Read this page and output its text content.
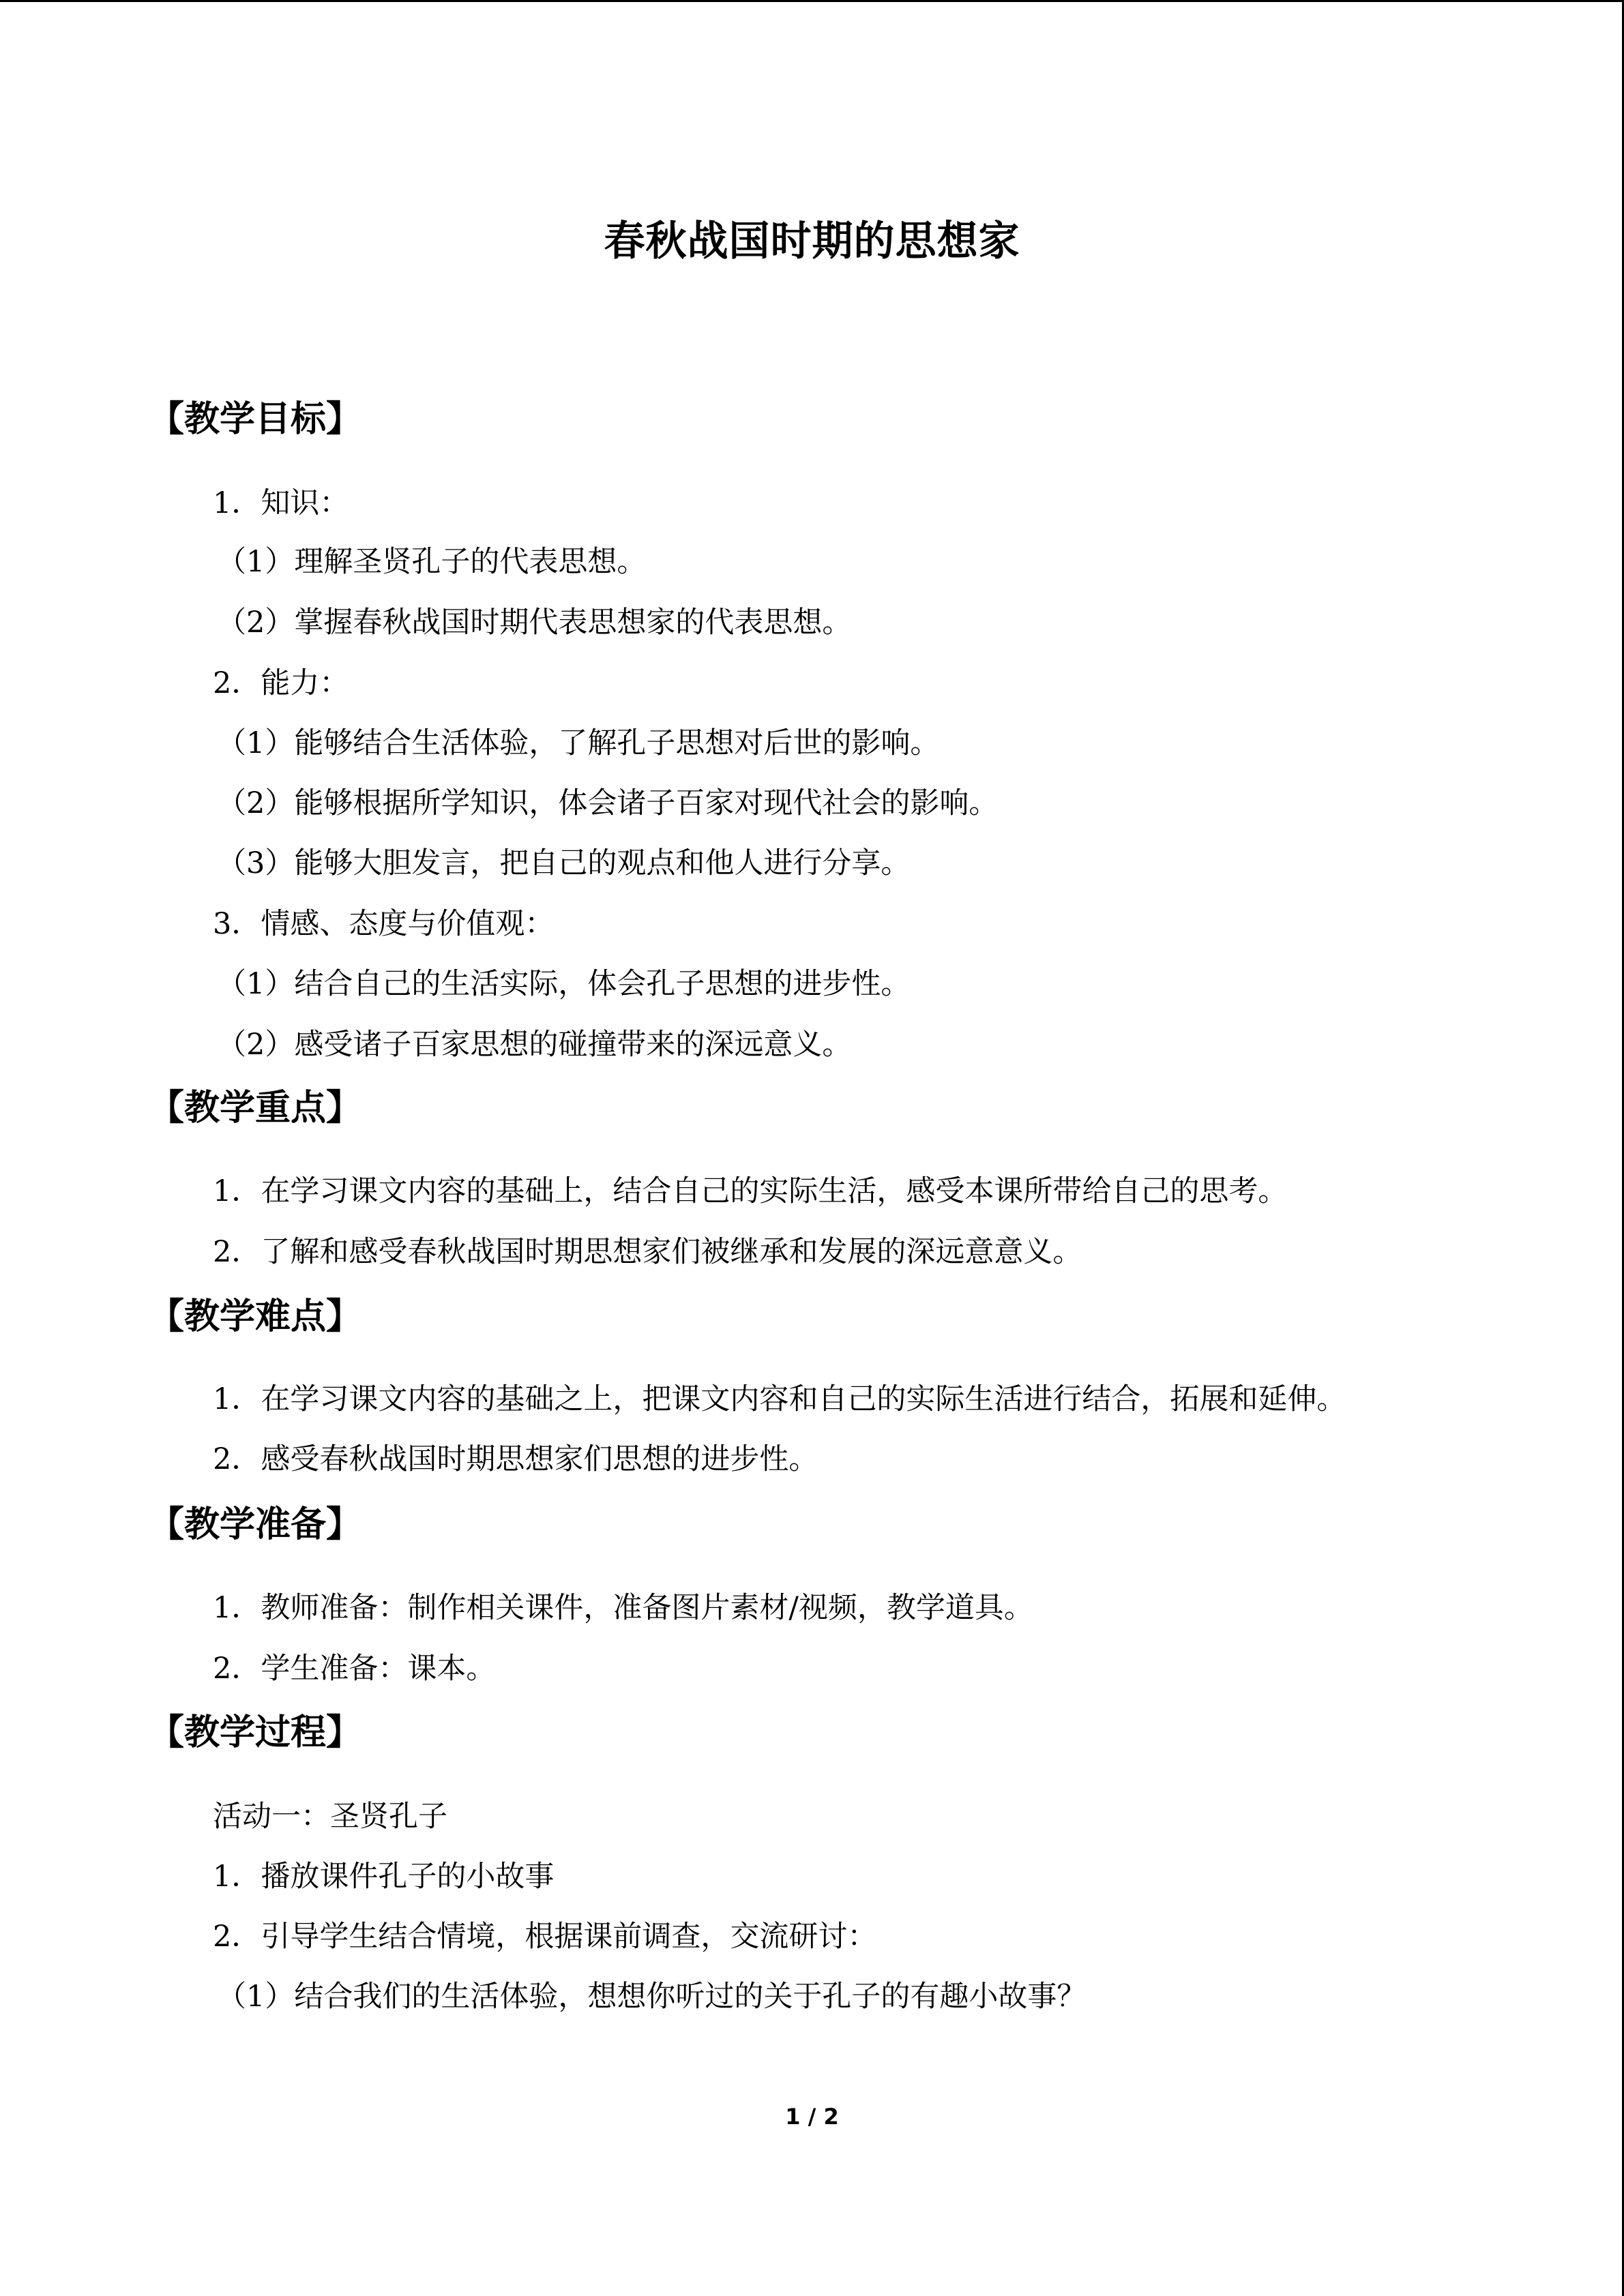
春秋战国时期的思想家
【教学目标】
1．知识：
（1）理解圣贤孔子的代表思想。
（2）掌握春秋战国时期代表思想家的代表思想。
2．能力：
（1）能够结合生活体验，了解孔子思想对后世的影响。
（2）能够根据所学知识，体会诸子百家对现代社会的影响。
（3）能够大胆发言，把自己的观点和他人进行分享。
3．情感、态度与价值观：
（1）结合自己的生活实际，体会孔子思想的进步性。
（2）感受诸子百家思想的碰撞带来的深远意义。
【教学重点】
1．在学习课文内容的基础上，结合自己的实际生活，感受本课所带给自己的思考。
2．了解和感受春秋战国时期思想家们被继承和发展的深远意意义。
【教学难点】
1．在学习课文内容的基础之上，把课文内容和自己的实际生活进行结合，拓展和延伸。
2．感受春秋战国时期思想家们思想的进步性。
【教学准备】
1．教师准备：制作相关课件，准备图片素材/视频，教学道具。
2．学生准备：课本。
【教学过程】
活动一：圣贤孔子
1．播放课件孔子的小故事
2．引导学生结合情境，根据课前调查，交流研讨：
（1）结合我们的生活体验，想想你听过的关于孔子的有趣小故事？
1 / 2
